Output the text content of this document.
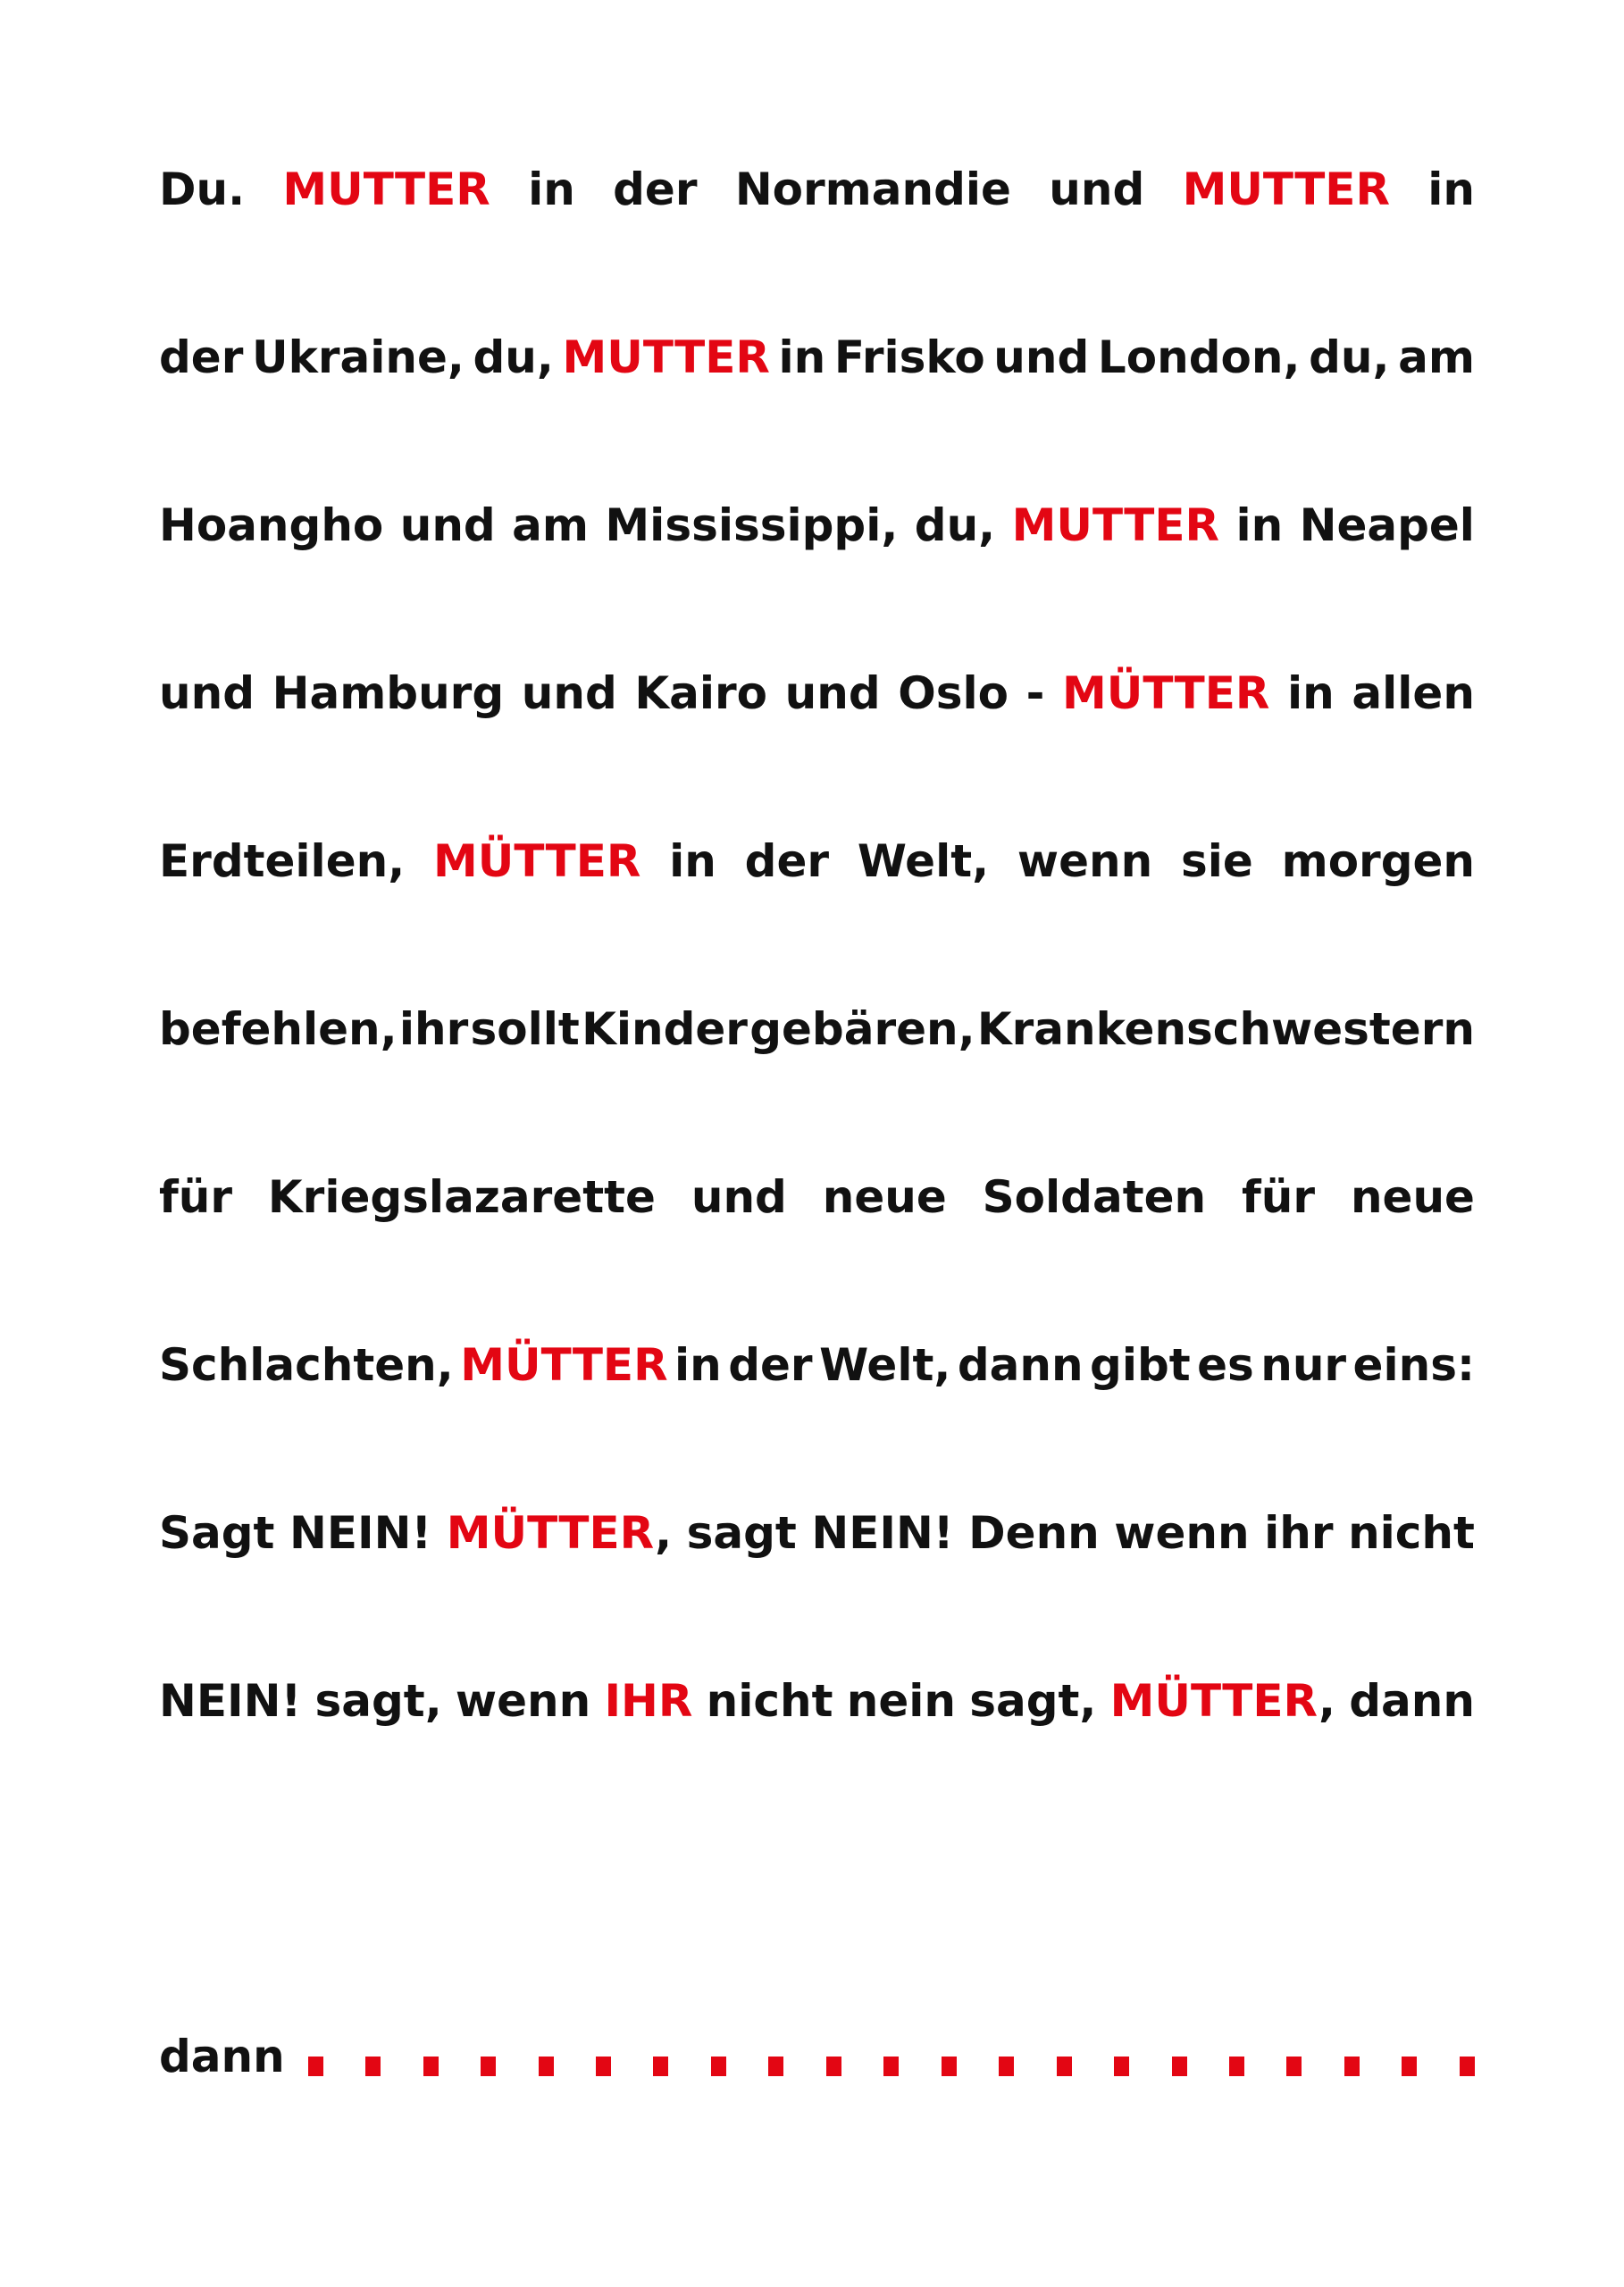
Du. MUTTER in der Normandie und MUTTER in
der Ukraine, du, MUTTER in Frisko und London, du, am
Hoangho und am Mississippi, du, MUTTER in Neapel
und Hamburg und Kairo und Oslo - MÜTTER in allen
Erdteilen, MÜTTER in der Welt, wenn sie morgen
befehlen, ihr sollt Kinder gebären, Krankenschwestern
für Kriegslazarette und neue Soldaten für neue
Schlachten, MÜTTER in der Welt, dann gibt es nur eins:
Sagt NEIN! MÜTTER, sagt NEIN! Denn wenn ihr nicht
NEIN! sagt, wenn IHR nicht nein sagt, MÜTTER, dann
dann
